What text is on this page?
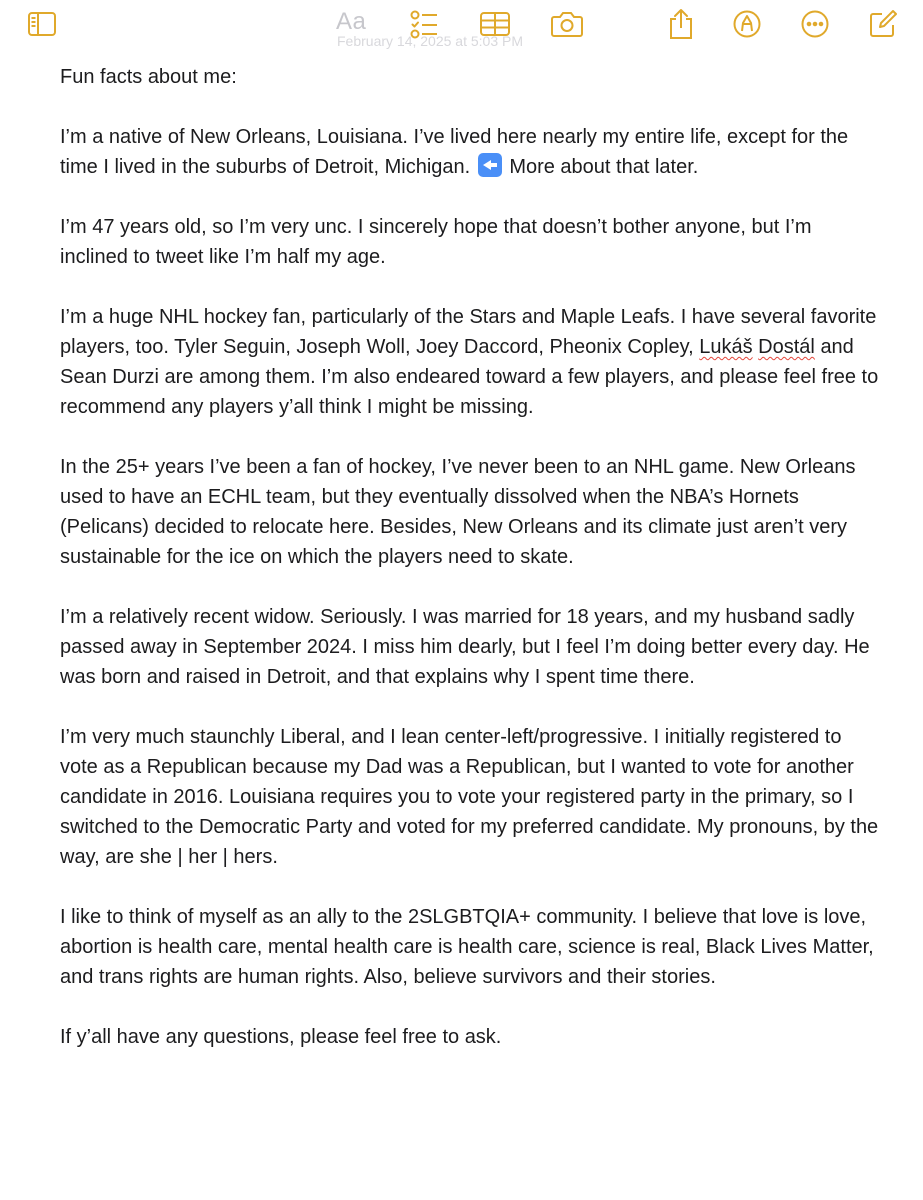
Aa
February 14, 2025 at 5:03 PM

Fun facts about me:

I’m a native of New Orleans, Louisiana. I’ve lived here nearly my entire life, except for the time I lived in the suburbs of Detroit, Michigan. More about that later.

I’m 47 years old, so I’m very unc. I sincerely hope that doesn’t bother anyone, but I’m inclined to tweet like I’m half my age.

I’m a huge NHL hockey fan, particularly of the Stars and Maple Leafs. I have several favorite players, too. Tyler Seguin, Joseph Woll, Joey Daccord, Pheonix Copley, Lukáš Dostál and Sean Durzi are among them. I’m also endeared toward a few players, and please feel free to recommend any players y’all think I might be missing.

In the 25+ years I’ve been a fan of hockey, I’ve never been to an NHL game. New Orleans used to have an ECHL team, but they eventually dissolved when the NBA’s Hornets (Pelicans) decided to relocate here. Besides, New Orleans and its climate just aren’t very sustainable for the ice on which the players need to skate.

I’m a relatively recent widow. Seriously. I was married for 18 years, and my husband sadly passed away in September 2024. I miss him dearly, but I feel I’m doing better every day. He was born and raised in Detroit, and that explains why I spent time there.

I’m very much staunchly Liberal, and I lean center-left/progressive. I initially registered to vote as a Republican because my Dad was a Republican, but I wanted to vote for another candidate in 2016. Louisiana requires you to vote your registered party in the primary, so I switched to the Democratic Party and voted for my preferred candidate. My pronouns, by the way, are she | her | hers.

I like to think of myself as an ally to the 2SLGBTQIA+ community. I believe that love is love, abortion is health care, mental health care is health care, science is real, Black Lives Matter, and trans rights are human rights. Also, believe survivors and their stories.

If y’all have any questions, please feel free to ask.
